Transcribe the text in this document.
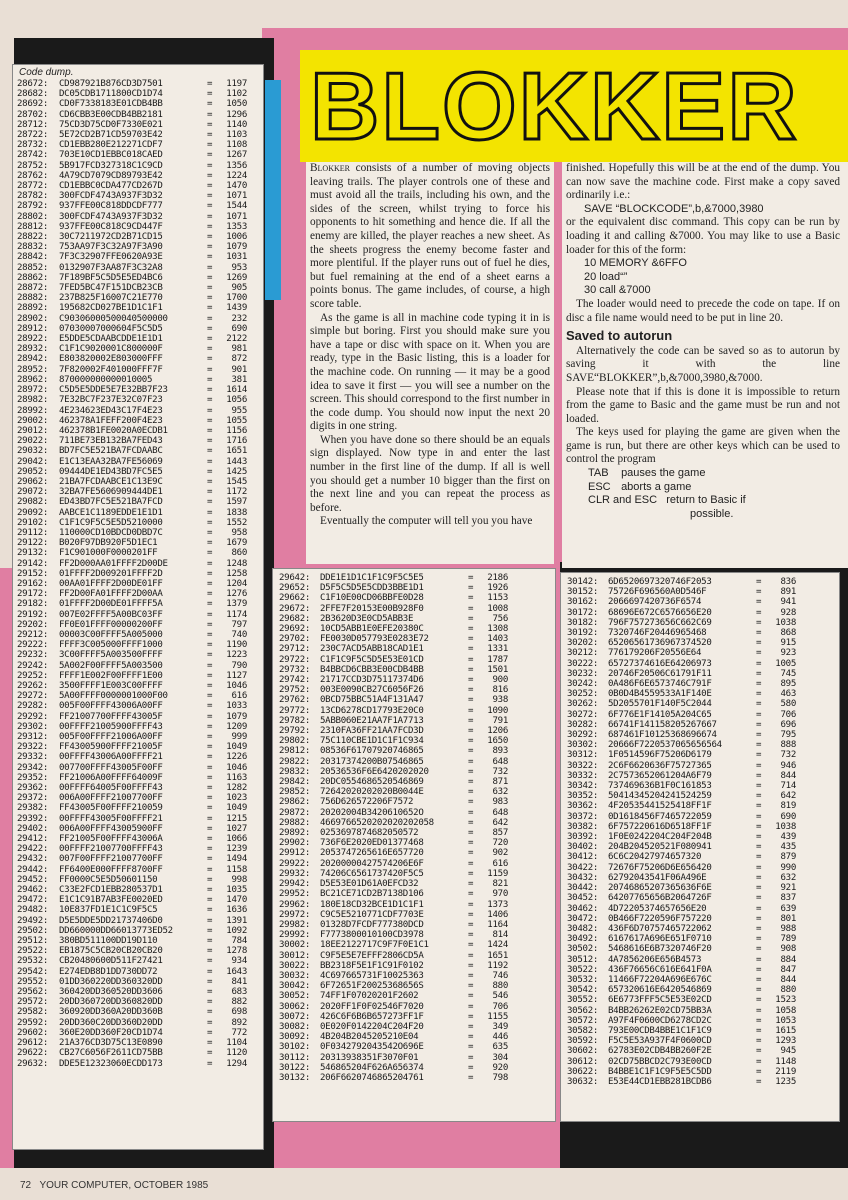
Code dump.
28672:	CD987921B876CD3D7501	=	1197
28682:	DC05CDB1711800CD1D74	=	1102
28692:	CD0F7338183E01CDB4BB	=	1050
28702:	CD6CBB3E00CDB4BB2181	=	1296
28712:	75CD3D75CD0F7330E021	=	1140
28722:	5E72CD2B71CD59703E42	=	1103
28732:	CD1EBB280E212271CDF7	=	1108
28742:	703E10CD1EBBC018CAED	=	1267
28752:	5B917FCD327318C1C9CD	=	1356
28762:	4A79CD7079CD89793E42	=	1224
28772:	CD1EBBC0CDA477CD267D	=	1470
28782:	300FCDF4743A937F3D32	=	1071
28792:	937FFE00C818DDCDF777	=	1544
28802:	300FCDF4743A937F3D32	=	1071
28812:	937FFE00C818C9CD447F	=	1353
28822:	30C7211972CD2B71CD15	=	1006
28832:	753AA97F3C32A97F3A90	=	1079
28842:	7F3C32907FFE0620A93E	=	1031
28852:	0132907F3AA87F3C32A8	=	953
28862:	7F189BF5C5D5E5ED4BC6	=	1269
28872:	7FED5BC47F151DCB23CB	=	905
28882:	237B825F16007C21E770	=	1700
28892:	195682CD027BE1D1C1F1	=	1439
28902:	C90306000500040500000	=	232
28912:	07030007000604F5C5D5	=	690
28922:	E5DDE5CDAABCDDE1E1D1	=	2122
28932:	C1F1C9020001C800000F	=	981
28942:	E803820002E803000FFF	=	872
28952:	7F820002F401000FFF7F	=	901
28962:	870000000000010005	=	381
28972:	C5D5E5DDE5E7E32BB7F23	=	1614
28982:	7E32BC7F237E32C07F23	=	1056
28992:	4E234623ED43C17F4E23	=	955
29002:	462378A1FEFF200F4E23	=	1055
29012:	462378B1FE0020A0ECDB1	=	1156
29022:	711BE73EB132BA7FED43	=	1716
29032:	BD7FC5E521BA7FCDAABC	=	1651
29042:	E1C13EAA32BA7FE56069	=	1443
29052:	09444DE1ED43BD7FC5E5	=	1425
29062:	21BA7FCDAABCE1C13E9C	=	1545
29072:	32BA7FE5606909444DE1	=	1172
29082:	ED43BD7FC5E521BA7FCD	=	1597
29092:	AABCE1C1189EDDE1E1D1	=	1838
29102:	C1F1C9F5C5E5D5210000	=	1552
29112:	110000CD10BDCD0DBD7C	=	958
29122:	B020F97DB920F5D1EC1	=	1679
29132:	F1C901000F0000201FF	=	860
29142:	FF2D000AA01FFFF2D00DE	=	1248
29152:	01FFFF2D009201FFFF2D	=	1258
29162:	00AA01FFFF2D00DE01FF	=	1204
29172:	FF2D00FA01FFFF2D00AA	=	1276
29182:	01FFFF2D00DE01FFFF5A	=	1379
29192:	007E02FFFF5A00BC03FF	=	1174
29202:	FF0E01FFFF00000200FF	=	797
29212:	00003C00FFFF5A005000	=	740
29222:	FFFF3C005000FFFF1000	=	1190
29232:	3C00FFFF5A003500FFFF	=	1223
29242:	5A002F00FFFF5A003500	=	790
29252:	FFFF1E002F00FFFF1E00	=	1127
29262:	3500FFFF1E003C00FFFF	=	1046
29272:	5A00FFFF0000001000F00	=	616
29282:	005F00FFFF43006A00FF	=	1033
29292:	FF21007700FFFF43005F	=	1079
29302:	00FFFF21005900FFFF43	=	1209
29312:	005F00FFFF21006A00FF	=	999
29322:	FF43005900FFFF21005F	=	1049
29332:	00FFFF43006A00FFFF21	=	1226
29342:	007700FFFF43005F00FF	=	1046
29352:	FF21006A00FFFF64009F	=	1163
29362:	00FFFF64005F00FFFF43	=	1282
29372:	006A00FFFF21007700FF	=	1023
29382:	FF43005F00FFFF210059	=	1049
29392:	00FFFF43005F00FFFF21	=	1215
29402:	006A00FFFF43005900FF	=	1027
29412:	FF21005F00FFFF43006A	=	1066
29422:	00FFFF21007700FFFF43	=	1239
29432:	007F00FFFF21007700FF	=	1494
29442:	FF6400E000FFFF8700FF	=	1158
29452:	FF0000C5E5D50601150	=	998
29462:	C33E2FCD1EBB280537D1	=	1035
29472:	E1C1C91B7AB3FE0020ED	=	1470
29482:	10E837FD1E1C1C9F5C5	=	1636
29492:	D5E5DDE5DD21737406D0	=	1391
29502:	DD660000DD66013773ED52	=	1092
29512:	380BD511100DD19D110	=	784
29522:	EB1875C5CB20CB20CB20	=	1278
29532:	CB20480600D511F27421	=	934
29542:	E274EDB8D1DD730DD72	=	1643
29552:	01DD360220DD360320DD	=	841
29562:	360420DD360520DD3606	=	683
29572:	20DD360720DD360820DD	=	882
29582:	360920DD360A20DD360B	=	698
29592:	20DD360C20DD360D20DD	=	892
29602:	360E20DD360F20CD1D74	=	772
29612:	21A376CD3D75C13E0890	=	1104
29622:	CB27C6056F2611CD75BB	=	1120
29632:	DDE5E12323060ECDD173	=	1294
BLOKKER

Blokker consists of a number of moving objects leaving trails. The player controls one of these and must avoid all the trails, including his own, and the sides of the screen, whilst trying to force his opponents to hit something and hence die. If all the enemy are killed, the player reaches a new sheet. As the sheets progress the enemy become faster and more plentiful. If the player runs out of fuel he dies, but fuel remaining at the end of a sheet earns a points bonus. The game includes, of course, a high score table.

As the game is all in machine code typing it in is simple but boring. First you should make sure you have a tape or disc with space on it. When you are ready, type in the Basic listing, this is a loader for the machine code. On running — it may be a good idea to save it first — you will see a number on the screen. This should correspond to the first number in the code dump. You should now input the next 20 digits in one string.

When you have done so there should be an equals sign displayed. Now type in and enter the last number in the first line of the dump. If all is well you should get a number 10 bigger than the first on the next line and you can repeat the process as before.

Eventually the computer will tell you you have

finished. Hopefully this will be at the end of the dump. You can now save the machine code. First make a copy saved ordinarily i.e.:

SAVE “BLOCKCODE”,b,&7000,3980

or the equivalent disc command. This copy can be run by loading it and calling &7000. You may like to use a Basic loader for this of the form:

10 MEMORY &6FFO
20 load“”
30 call &7000

The loader would need to precede the code on tape. If on disc a file name would need to be put in line 20.

Saved to autorun

Alternatively the code can be saved so as to autorun by saving it with the line SAVE“BLOKKER”,b,&7000,3980,&7000.

Please note that if this is done it is impossible to return from the game to Basic and the game must be run and not loaded.

The keys used for playing the game are given when the game is run, but there are other keys which can be used to control the program

TAB pauses the game
ESC aborts a game
CLR and ESC return to Basic if
possible.
29642:	DDE1E1D1C1F1C9F5C5E5	=	2186
29652:	D5F5C5D5E5CDD3BBE1D1	=	1926
29662:	C1F10E00CD06BBFE0D28	=	1153
29672:	2FFE7F20153E00B928F0	=	1008
29682:	2B3620D3E0CD5ABB3E	=	756
29692:	10CD5ABB1E0EFE20380C	=	1308
29702:	FE0030D057793E0283E72	=	1403
29712:	230C7ACD5ABB18CAD1E1	=	1331
29722:	C1F1C9F5C5D5E53E01CD	=	1787
29732:	B4BBCD6CBB3E00CDB4BB	=	1501
29742:	21717CCD3D75117374D6	=	900
29752:	003E0090CB27C6056F26	=	816
29762:	0BCD75BBC51A4F131A47	=	938
29772:	13CD6278CD17793E20C0	=	1090
29782:	5ABB060E21AA7F1A7713	=	791
29792:	2310FA36FF21AA7FCD3D	=	1206
29802:	75C110CBE1D1C1F1C934	=	1650
29812:	08536F61707920746865	=	893
29822:	20317374200B07546865	=	648
29832:	20536536F6E6420202020	=	732
29842:	20DC0554686520546869	=	871
29852:	72642020202020B0044E	=	632
29862:	756D626572206F7572	=	983
29872:	20202004B3420610652O	=	648
29882:	4669766520202020202058	=	642
29892:	0253697874682050572	=	857
29902:	736F6E2020ED01377468	=	720
29912:	2053747265616E657720	=	902
29922:	20200000427574206E6F	=	616
29932:	74206C6561737420F5C5	=	1159
29942:	D5E53E01D61A0EFCD32	=	821
29952:	BC21CE71CD2B7138D106	=	970
29962:	180E18CD32BCE1D1C1F1	=	1373
29972:	C9C5E5210771CDF7703E	=	1406
29982:	01328D7FCDF777380DCD	=	1164
29992:	F7773800010100CD3978	=	814
30002:	18EE2122717C9F7F0E1C1	=	1424
30012:	C9F5E5E7EFFF2806CD5A	=	1651
30022:	BB2318F5E1F1C91F0102	=	1192
30032:	4C697665731F10025363	=	746
30042:	6F72651F20025368656S	=	880
30052:	74FF1F07020201F2602	=	546
30062:	2020FF1F0F02546F7020	=	706
30072:	426C6F6B6B657273FF1F	=	1155
30082:	0E020F0142204C204F20	=	349
30092:	4B204B2045205210E04	=	446
30102:	0F0342792043542O696E	=	635
30112:	20313938351F3070F01	=	304
30122:	546865204F626A656374	=	920
30132:	206F6620746865204761	=	798
30142:	6D6520697320746F2053	=	836
30152:	75726F696560A0D546F	=	891
30162:	2066697420736F6574	=	941
30172:	68696E672C6576656E20	=	928
30182:	796F757273656C662C69	=	1038
30192:	7320746F20446965468	=	868
30202:	65206561736967374520	=	915
30212:	776179206F20556E64	=	923
30222:	65727374616E64206973	=	1005
30232:	20746F20506C61791F11	=	745
30242:	0A486F6E6573746C791F	=	895
30252:	0B0D4B4559533A1F140E	=	463
30262:	5D2055701F140F5C2044	=	580
30272:	6F776E1F14105A204C65	=	706
30282:	66741F141158205267667	=	696
30292:	687461F10125368696674	=	795
30302:	20666F7220537065656564	=	888
30312:	1F0514596F75206D6179	=	732
30322:	2C6F6620636F75727365	=	946
30332:	2C7573652061204A6F79	=	844
30342:	737469636B1F0C161853	=	714
30352:	50414345204241524259	=	642
30362:	4F20535441525418FF1F	=	819
30372:	0D1618456F7465722059	=	690
30382:	6F757220616D6518FF1F	=	1038
30392:	1F0E0242204C204F204B	=	439
30402:	204B204520521F080941	=	435
30412:	6C6C20427974657320	=	879
30422:	72676F75206D6E656420	=	990
30432:	62792043541F06A496E	=	632
30442:	20746865207365636F6E	=	921
30452:	64207765656B2064726F	=	837
30462:	4D72205374657656E20	=	639
30472:	0B466F7220596F757220	=	801
30482:	436F6D70757465722062	=	988
30492:	6167617A696E651F0710	=	789
30502:	5468616E6B7320746F20	=	908
30512:	4A7856206E656B4573	=	884
30522:	436F76656C616E641F0A	=	847
30532:	11466F72204A696E676C	=	844
30542:	657320616E6420546869	=	880
30552:	6E6773FFF5C5E53E02CD	=	1523
30562:	B4BB26262E02CD75BB3A	=	1058
30572:	A97F4F0600CD6278CD2C	=	1053
30582:	793E00CDB4BBE1C1F1C9	=	1615
30592:	F5C5E53A937F4F0600CD	=	1293
30602:	62783E02CDB4BB260F2E	=	945
30612:	02CD75BBCD2C793E00CD	=	1148
30622:	B4BBE1C1F1C9F5E5C5DD	=	2119
30632:	E53E44CD1EBB281BCDB6	=	1235
72 YOUR COMPUTER, OCTOBER 1985
